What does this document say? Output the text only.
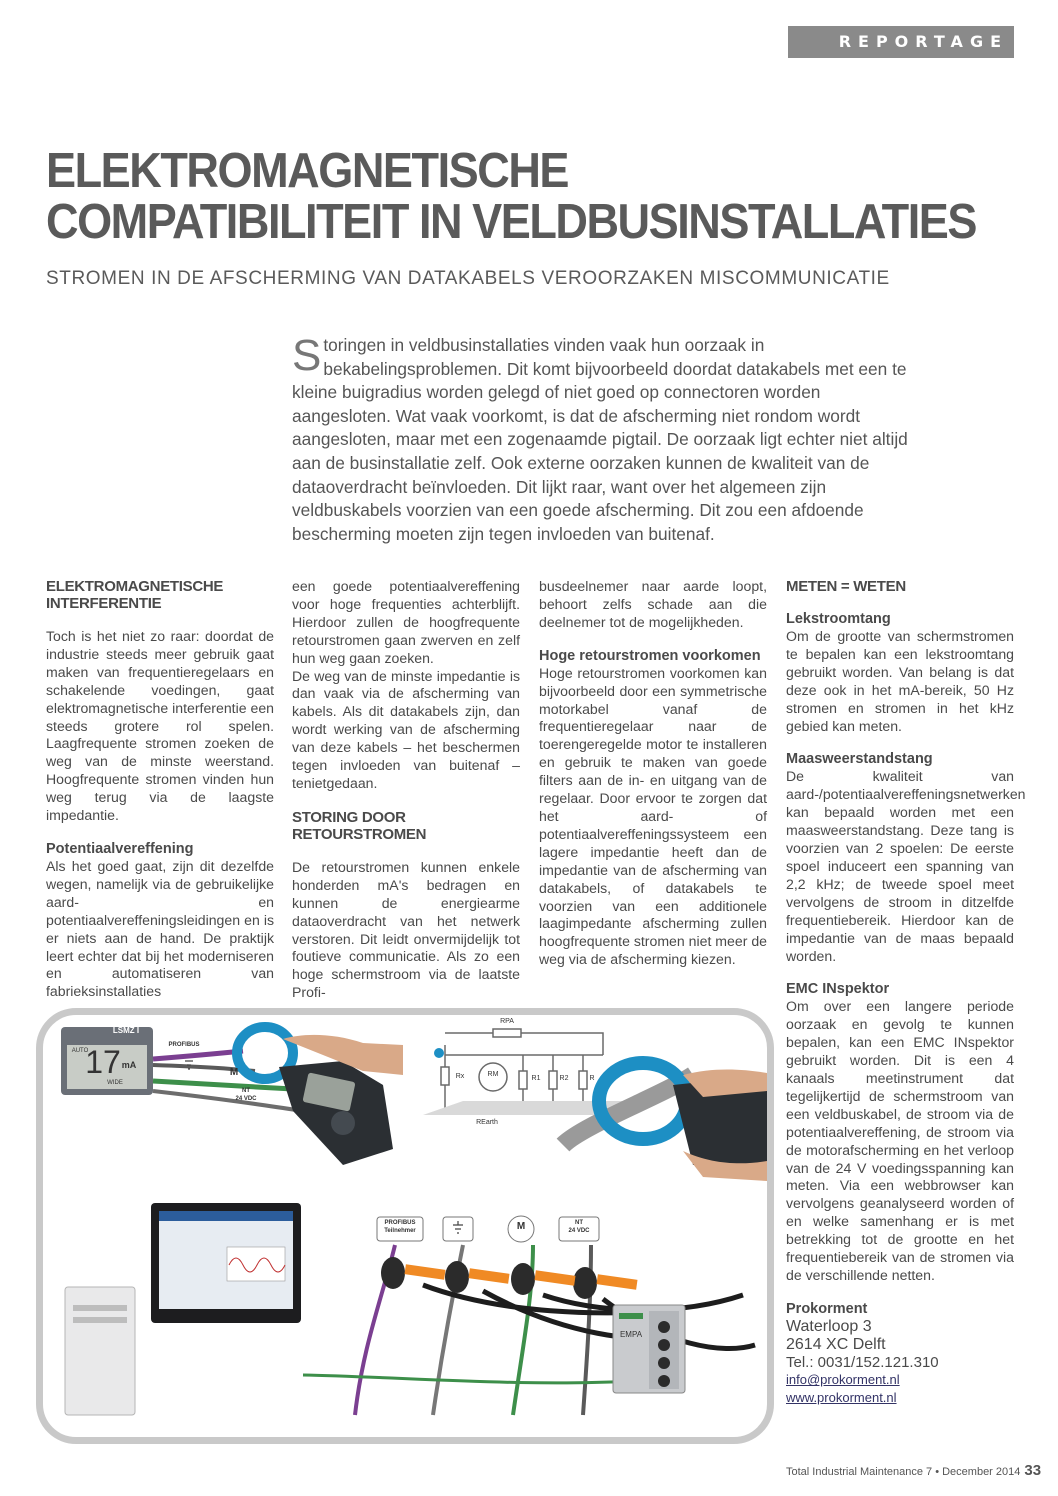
REPORTAGE
ELEKTROMAGNETISCHE
COMPATIBILITEIT IN VELDBUSINSTALLATIES
STROMEN IN DE AFSCHERMING VAN DATAKABELS VEROORZAKEN MISCOMMUNICATIE
Storingen in veldbusinstallaties vinden vaak hun oorzaak in bekabelingsproblemen. Dit komt bijvoorbeeld doordat datakabels met een te kleine buigradius worden gelegd of niet goed op connectoren worden aangesloten. Wat vaak voorkomt, is dat de afscherming niet rondom wordt aangesloten, maar met een zogenaamde pigtail. De oorzaak ligt echter niet altijd aan de businstallatie zelf. Ook externe oorzaken kunnen de kwaliteit van de dataoverdracht beïnvloeden. Dit lijkt raar, want over het algemeen zijn veldbuskabels voorzien van een goede afscherming. Dit zou een afdoende bescherming moeten zijn tegen invloeden van buitenaf.
ELEKTROMAGNETISCHE INTERFERENTIE

Toch is het niet zo raar: doordat de industrie steeds meer gebruik gaat maken van frequentieregelaars en schakelende voedingen, gaat elektromagnetische interferentie een steeds grotere rol spelen. Laagfrequente stromen zoeken de weg van de minste weerstand. Hoogfrequente stromen vinden hun weg terug via de laagste impedantie.

Potentiaalvereffening

Als het goed gaat, zijn dit dezelfde wegen, namelijk via de gebruikelijke aard- en potentiaalvereffeningsleidingen en is er niets aan de hand. De praktijk leert echter dat bij het moderniseren en automatiseren van fabrieksinstallaties

een goede potentiaalvereffening voor hoge frequenties achterblijft. Hierdoor zullen de hoogfrequente retourstromen gaan zwerven en zelf hun weg gaan zoeken.

De weg van de minste impedantie is dan vaak via de afscherming van kabels. Als dit datakabels zijn, dan wordt werking van de afscherming van deze kabels – het beschermen tegen invloeden van buitenaf – tenietgedaan.

STORING DOOR RETOURSTROMEN

De retourstromen kunnen enkele honderden mA's bedragen en kunnen de energiearme dataoverdracht van het netwerk verstoren. Dit leidt onvermijdelijk tot foutieve communicatie. Als zo een hoge schermstroom via de laatste Profi-

busdeelnemer naar aarde loopt, behoort zelfs schade aan die deelnemer tot de mogelijkheden.

Hoge retourstromen voorkomen

Hoge retourstromen voorkomen kan bijvoorbeeld door een symmetrische motorkabel vanaf de frequentieregelaar naar de toerengeregelde motor te installeren en gebruik te maken van goede filters aan de in- en uitgang van de regelaar. Door ervoor te zorgen dat het aard- of potentiaalvereffeningssysteem een lagere impedantie heeft dan de impedantie van de afscherming van datakabels, of datakabels te voorzien van een additionele laagimpedante afscherming zullen hoogfrequente stromen niet meer de weg via de afscherming kiezen.

METEN = WETEN
Lekstroomtang

Om de grootte van schermstromen te bepalen kan een lekstroomtang gebruikt worden. Van belang is dat deze ook in het mA-bereik, 50 Hz stromen en stromen in het kHz gebied kan meten.

Maasweerstandstang

De kwaliteit van aard-/potentiaalvereffeningsnetwerken kan bepaald worden met een maasweerstandstang. Deze tang is voorzien van 2 spoelen: De eerste spoel induceert een spanning van 2,2 kHz; de tweede spoel meet vervolgens de stroom in ditzelfde frequentiebereik. Hierdoor kan de impedantie van de maas bepaald worden.

EMC INspektor

Om over een langere periode oorzaak en gevolg te kunnen bepalen, kan een EMC INspektor gebruikt worden. Dit is een 4 kanaals meetinstrument dat tegelijkertijd de schermstroom van een veldbuskabel, de stroom via de potentiaalvereffening, de stroom via de motorafscherming en het verloop van de 24 V voedingsspanning kan meten. Via een webbrowser kan vervolgens geanalyseerd worden of en welke samenhang er is met betrekking tot de grootte en het frequentiebereik van de stromen via de verschillende netten.

Prokorment
Waterloop 3
2614 XC Delft
Tel.: 0031/152.121.310
info@prokorment.nl
www.prokorment.nl
LSMZ I
AUTO
17 mA
WIDE
PROFIBUS
M
NT
24 VDC
RPA
Rx	RM
R1	R2	R
REarth
PROFIBUS
Teilnehmer	M	NT
24 VDC
EMPA
Total Industrial Maintenance 7 • December 2014 33
